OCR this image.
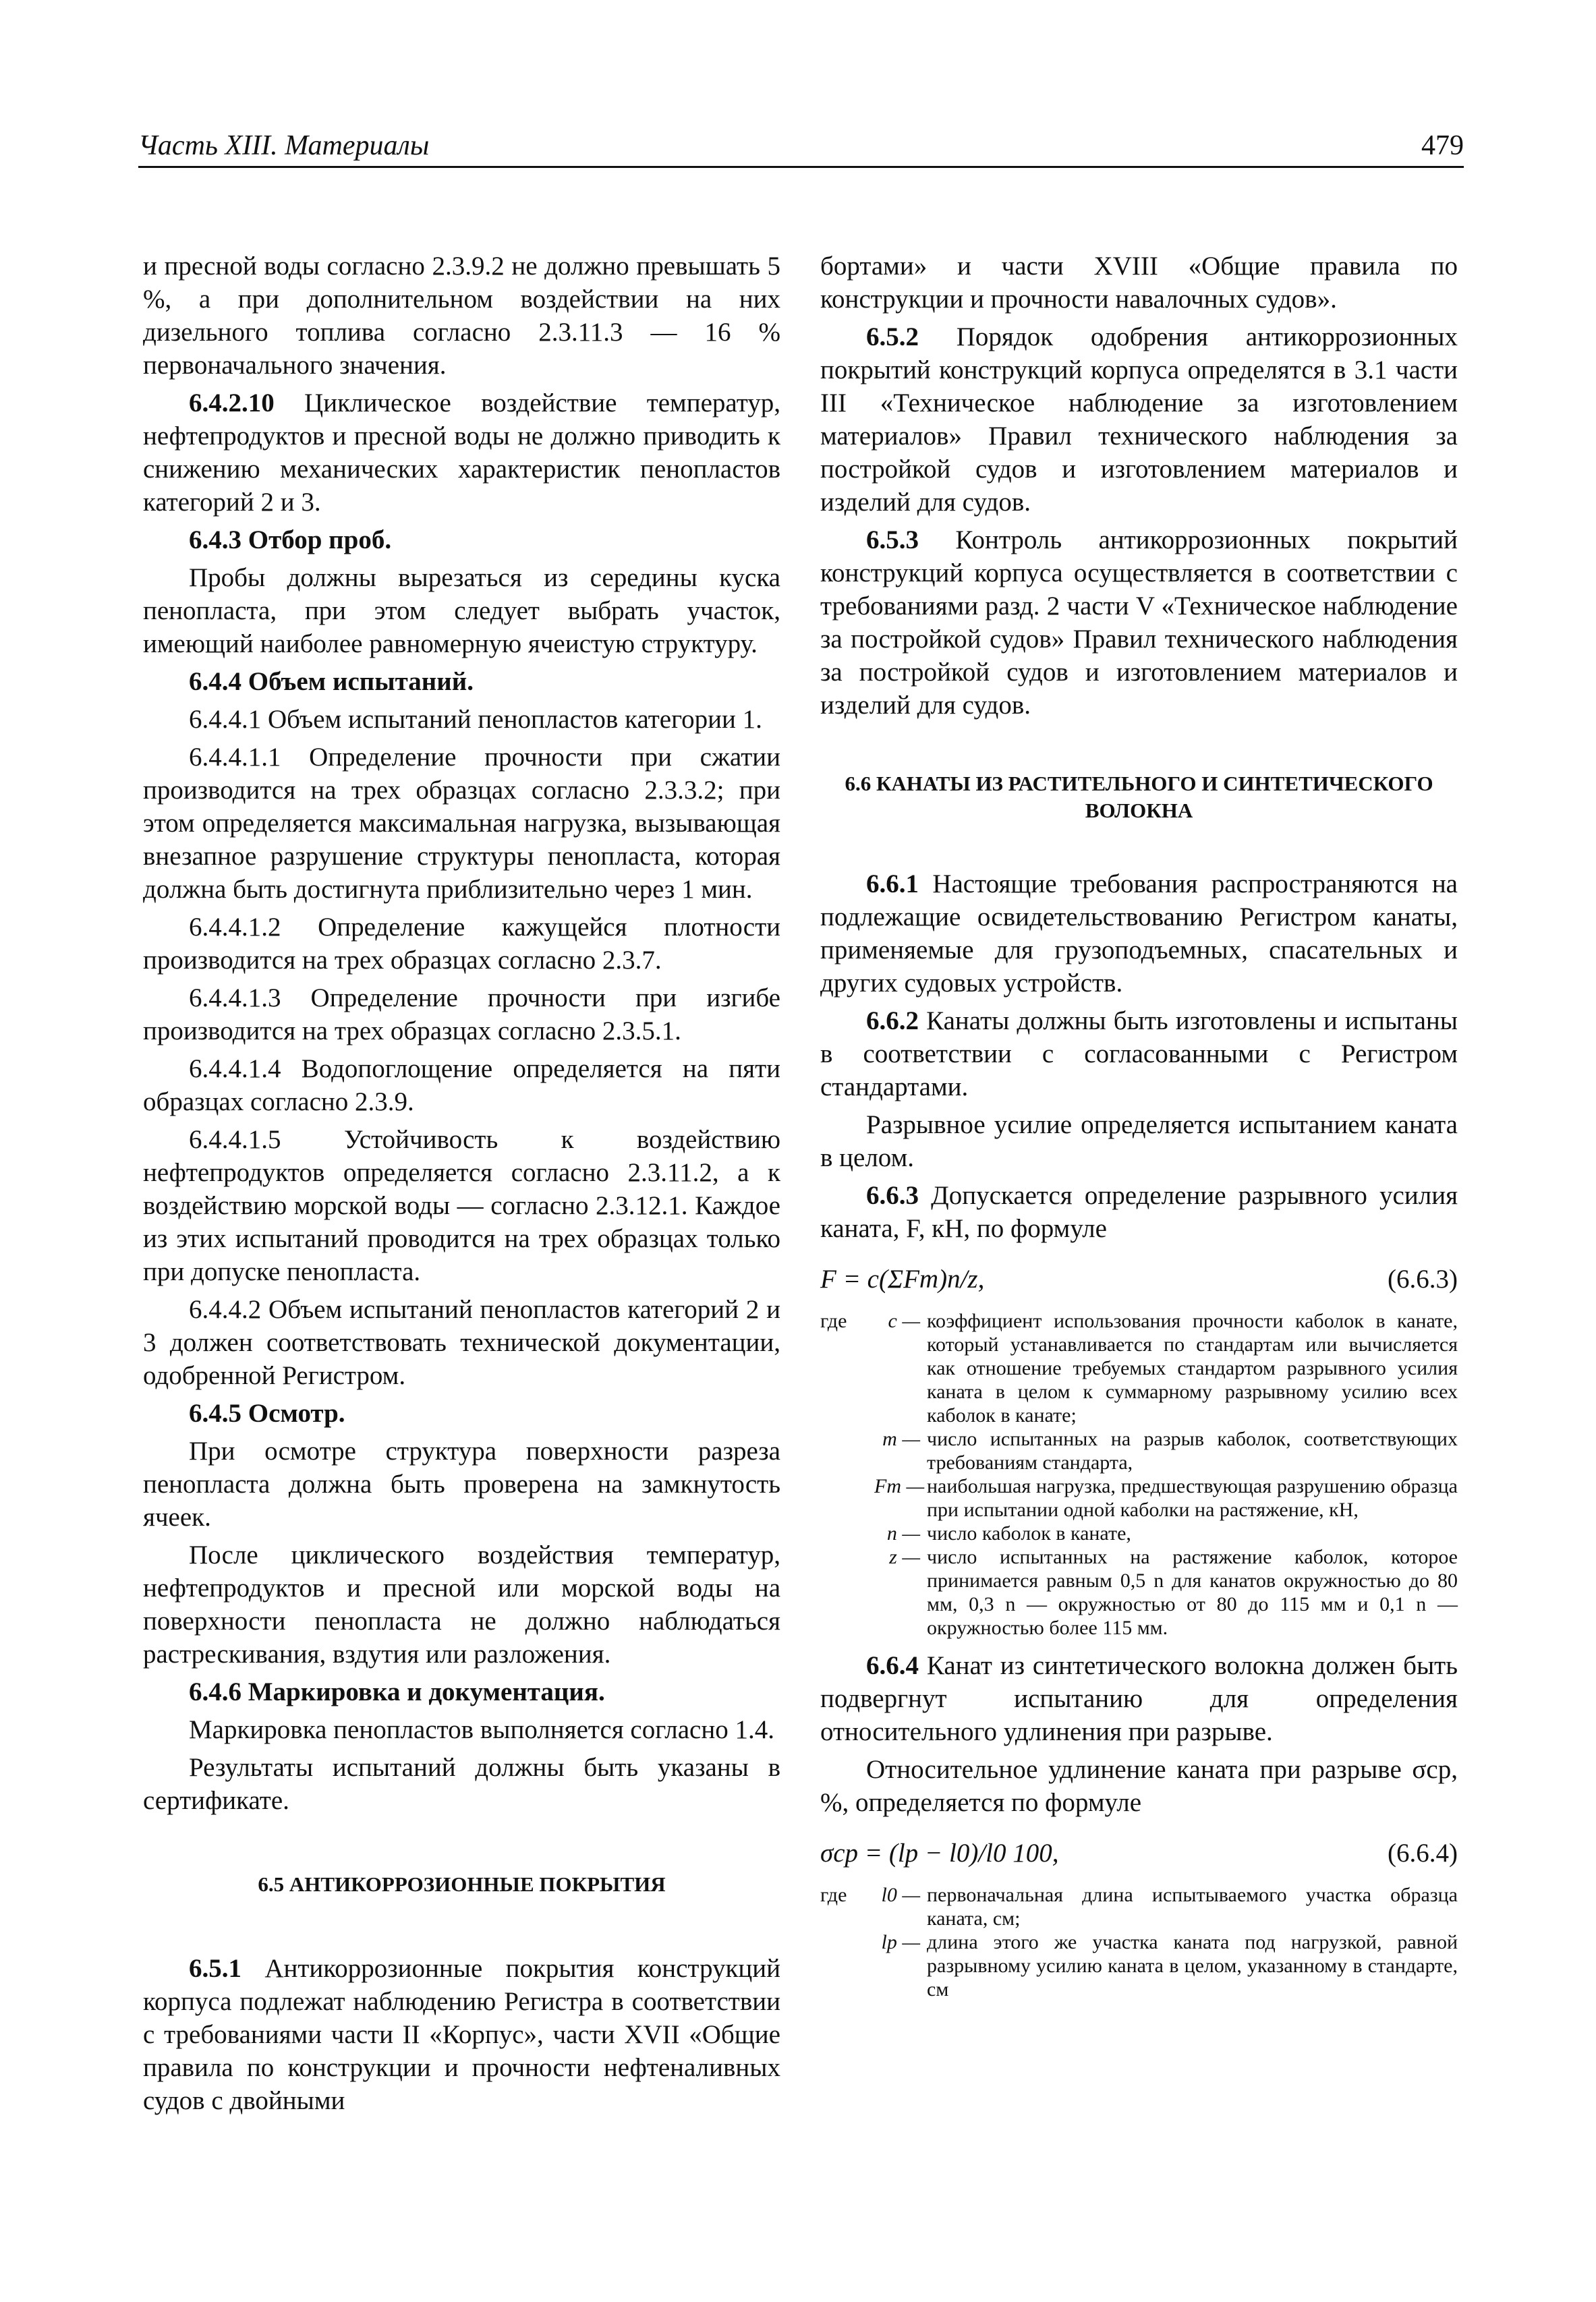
Часть XIII. Материалы	479

и пресной воды согласно 2.3.9.2 не должно превышать 5 %, а при дополнительном воздействии на них дизельного топлива согласно 2.3.11.3 — 16 % первоначального значения.

6.4.2.10 Циклическое воздействие температур, нефтепродуктов и пресной воды не должно приводить к снижению механических характеристик пенопластов категорий 2 и 3.

6.4.3 Отбор проб.

Пробы должны вырезаться из середины куска пенопласта, при этом следует выбрать участок, имеющий наиболее равномерную ячеистую структуру.

6.4.4 Объем испытаний.

6.4.4.1 Объем испытаний пенопластов категории 1.

6.4.4.1.1 Определение прочности при сжатии производится на трех образцах согласно 2.3.3.2; при этом определяется максимальная нагрузка, вызывающая внезапное разрушение структуры пенопласта, которая должна быть достигнута приблизительно через 1 мин.

6.4.4.1.2 Определение кажущейся плотности производится на трех образцах согласно 2.3.7.

6.4.4.1.3 Определение прочности при изгибе производится на трех образцах согласно 2.3.5.1.

6.4.4.1.4 Водопоглощение определяется на пяти образцах согласно 2.3.9.

6.4.4.1.5 Устойчивость к воздействию нефтепродуктов определяется согласно 2.3.11.2, а к воздействию морской воды — согласно 2.3.12.1. Каждое из этих испытаний проводится на трех образцах только при допуске пенопласта.

6.4.4.2 Объем испытаний пенопластов категорий 2 и 3 должен соответствовать технической документации, одобренной Регистром.

6.4.5 Осмотр.

При осмотре структура поверхности разреза пенопласта должна быть проверена на замкнутость ячеек.

После циклического воздействия температур, нефтепродуктов и пресной или морской воды на поверхности пенопласта не должно наблюдаться растрескивания, вздутия или разложения.

6.4.6 Маркировка и документация.

Маркировка пенопластов выполняется согласно 1.4.

Результаты испытаний должны быть указаны в сертификате.

6.5 АНТИКОРРОЗИОННЫЕ ПОКРЫТИЯ

6.5.1 Антикоррозионные покрытия конструкций корпуса подлежат наблюдению Регистра в соответствии с требованиями части II «Корпус», части XVII «Общие правила по конструкции и прочности нефтеналивных судов с двойными

бортами» и части XVIII «Общие правила по конструкции и прочности навалочных судов».

6.5.2 Порядок одобрения антикоррозионных покрытий конструкций корпуса определятся в 3.1 части III «Техническое наблюдение за изготовлением материалов» Правил технического наблюдения за постройкой судов и изготовлением материалов и изделий для судов.

6.5.3 Контроль антикоррозионных покрытий конструкций корпуса осуществляется в соответствии с требованиями разд. 2 части V «Техническое наблюдение за постройкой судов» Правил технического наблюдения за постройкой судов и изготовлением материалов и изделий для судов.

6.6 КАНАТЫ ИЗ РАСТИТЕЛЬНОГО И СИНТЕТИЧЕСКОГО
ВОЛОКНА

6.6.1 Настоящие требования распространяются на подлежащие освидетельствованию Регистром канаты, применяемые для грузоподъемных, спасательных и других судовых устройств.

6.6.2 Канаты должны быть изготовлены и испытаны в соответствии с согласованными с Регистром стандартами.

Разрывное усилие определяется испытанием каната в целом.

6.6.3 Допускается определение разрывного усилия каната, F, кН, по формуле

F = c(ΣFm)n/z,	(6.6.3)
где	c — коэффициент использования прочности каболок в канате, который устанавливается по стандартам или вычисляется как отношение требуемых стандартом разрывного усилия каната в целом к суммарному разрывному усилию всех каболок в канате;
m — число испытанных на разрыв каболок, соответствующих требованиям стандарта,
Fm — наибольшая нагрузка, предшествующая разрушению образца при испытании одной каболки на растяжение, кН,
n — число каболок в канате,
z — число испытанных на растяжение каболок, которое принимается равным 0,5 n для канатов окружностью до 80 мм, 0,3 n — окружностью от 80 до 115 мм и 0,1 n — окружностью более 115 мм.

6.6.4 Канат из синтетического волокна должен быть подвергнут испытанию для определения относительного удлинения при разрыве.

Относительное удлинение каната при разрыве σср, %, определяется по формуле

σср = (lр − l0)/l0 100,	(6.6.4)
где	l0 — первоначальная длина испытываемого участка образца каната, см;
lр — длина этого же участка каната под нагрузкой, равной разрывному усилию каната в целом, указанному в стандарте, см
